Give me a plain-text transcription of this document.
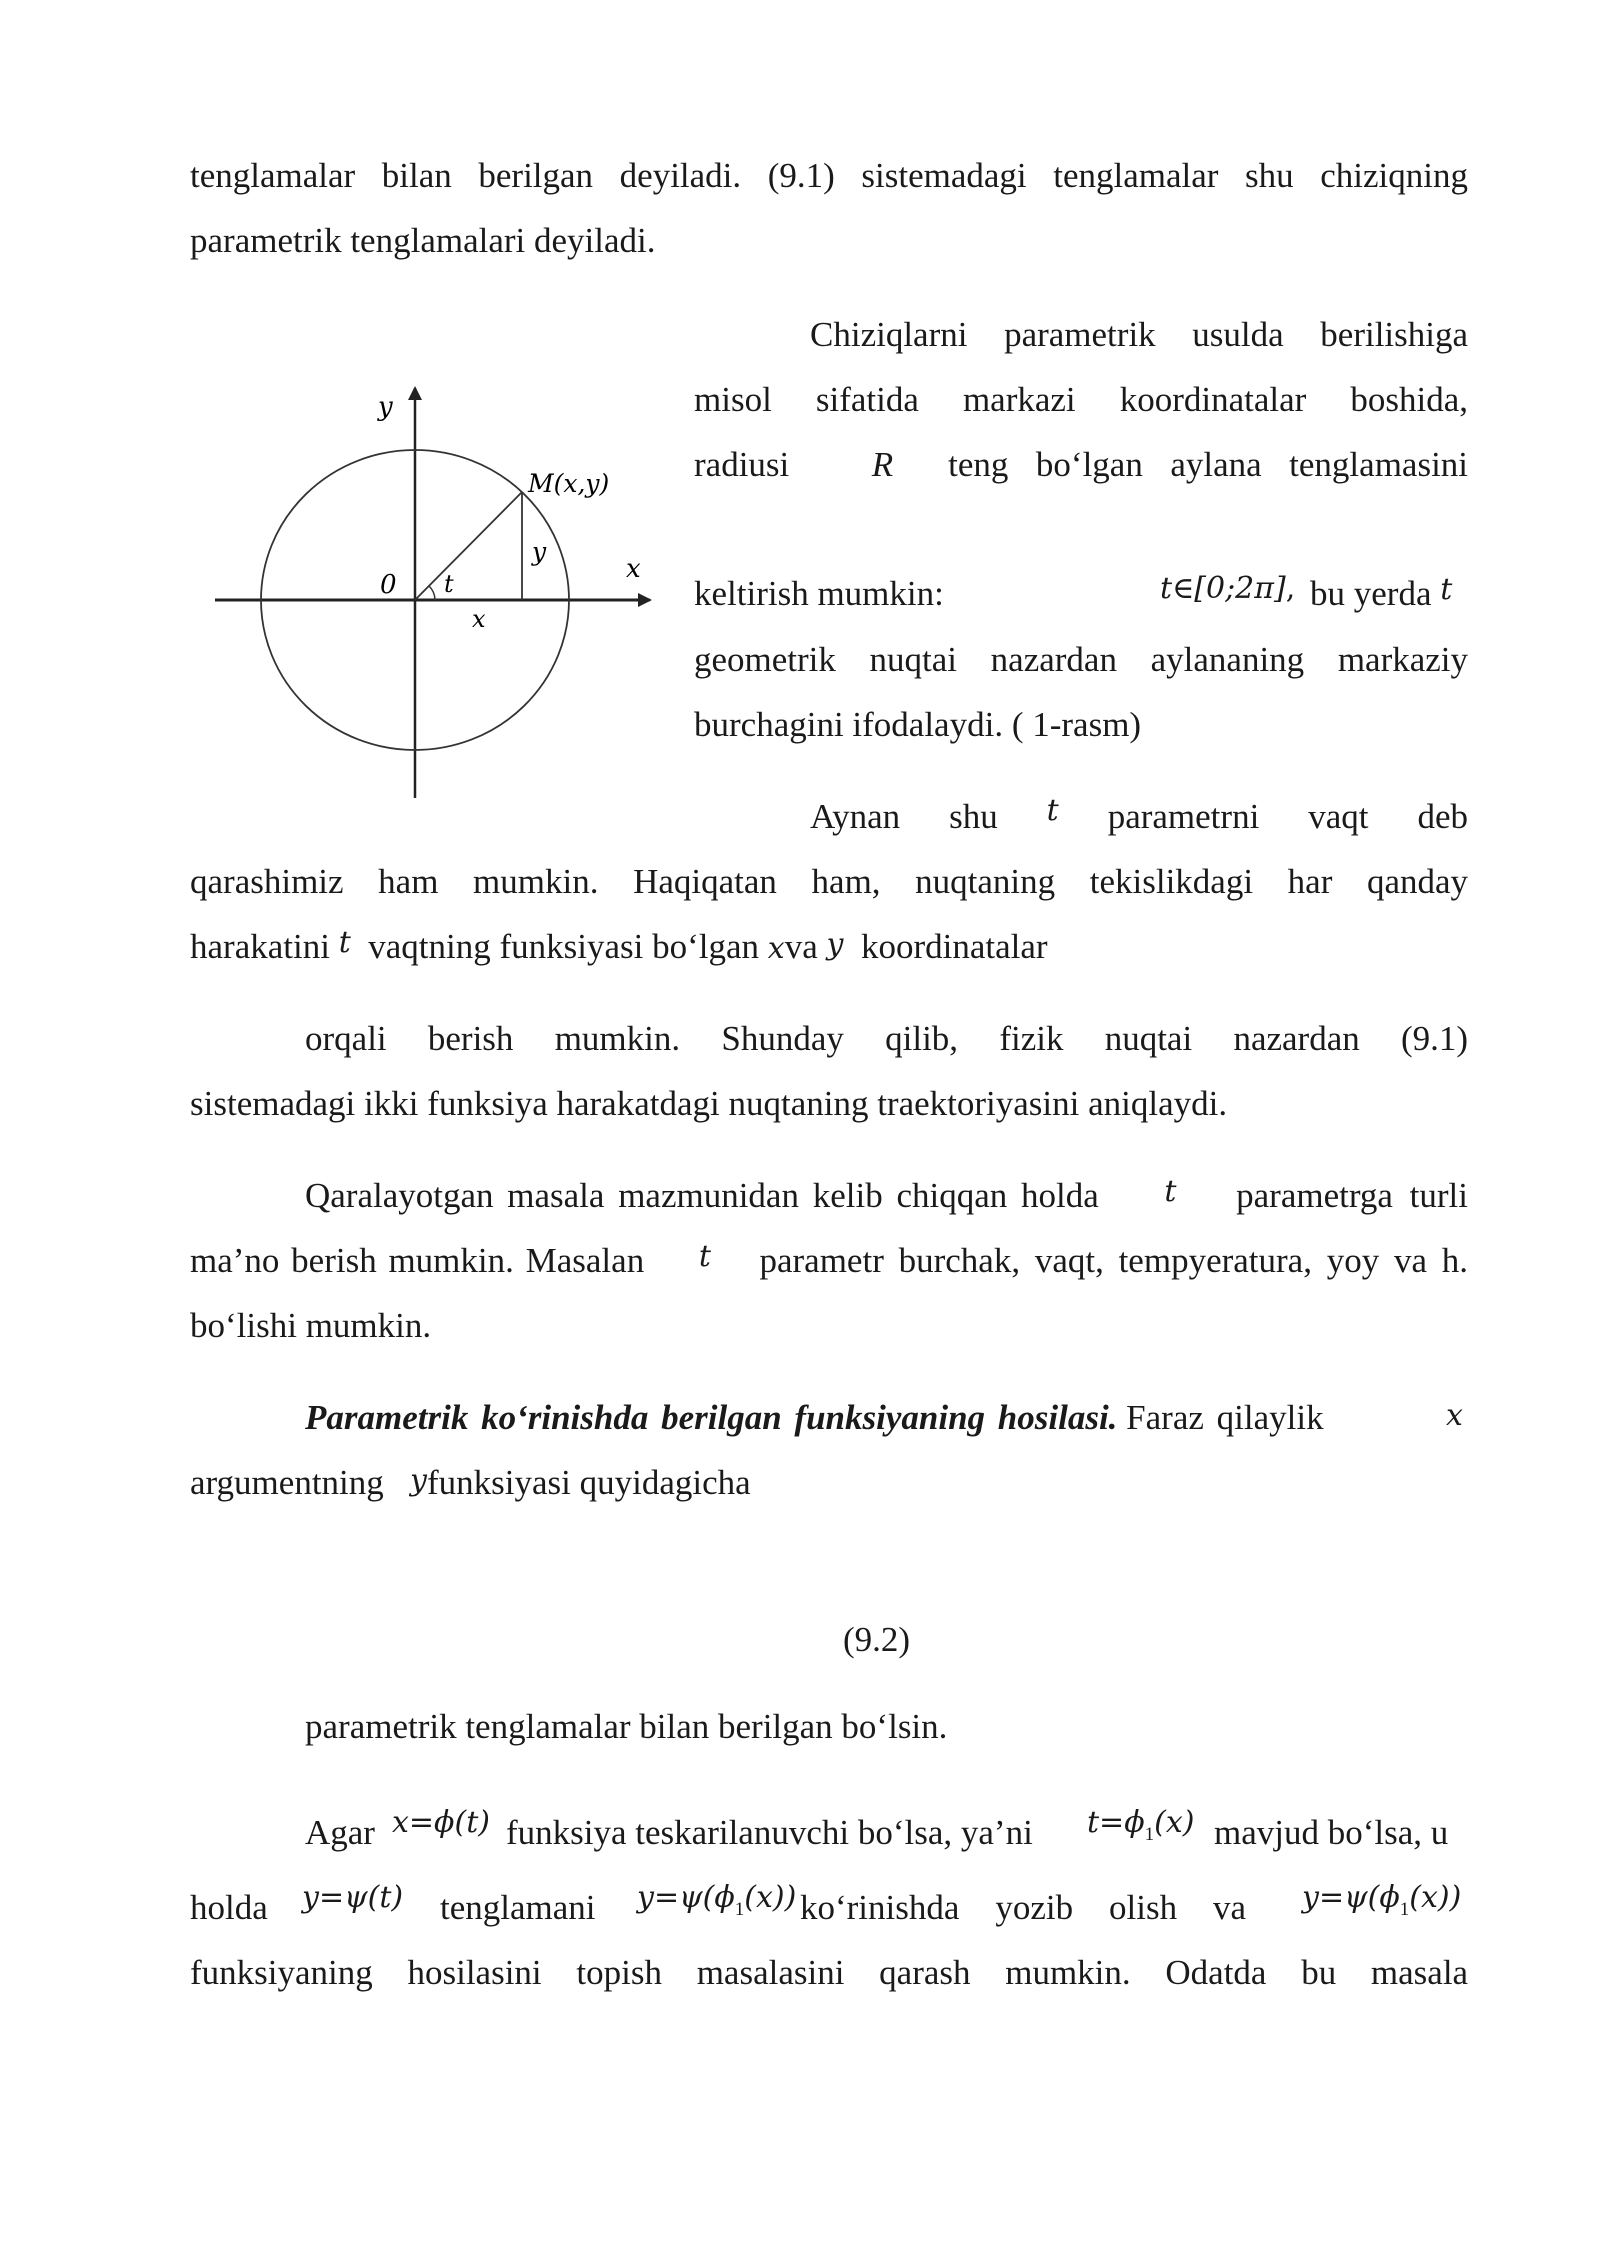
tenglamalar bilan berilgan deyiladi. (9.1) sistemadagi tenglamalar shu chiziqning
parametrik tenglamalari deyiladi.
y
x
0
M(x,y)
y
x
t
Chiziqlarni parametrik usulda berilishiga
misol sifatida markazi koordinatalar boshida,
radiusi R teng bo‘lgan aylana tenglamasini
keltirish mumkin:	t∈[0;2π], bu yerda t
geometrik nuqtai nazardan aylananing markaziy
burchagini ifodalaydi. ( 1-rasm)
Aynan shu t parametrni vaqt deb
qarashimiz ham mumkin. Haqiqatan ham, nuqtaning tekislikdagi har qanday
harakatini t vaqtning funksiyasi bo‘lgan xva y koordinatalar
orqali berish mumkin. Shunday qilib, fizik nuqtai nazardan (9.1)
sistemadagi ikki funksiya harakatdagi nuqtaning traektoriyasini aniqlaydi.
Qaralayotgan masala mazmunidan kelib chiqqan holda t parametrga turli
ma’no berish mumkin. Masalan t parametr burchak, vaqt, tempyeratura, yoy va h.
bo‘lishi mumkin.
Parametrik ko‘rinishda berilgan funksiyaning hosilasi. Faraz qilaylik	x
argumentning yfunksiyasi quyidagicha
(9.2)
parametrik tenglamalar bilan berilgan bo‘lsin.
Agar x=ϕ(t) funksiya teskarilanuvchi bo‘lsa, ya’ni $t=\phi_1(x)$ mavjud bo‘lsa, u
holda y=ψ(t) tenglamani $y=\psi(\phi_1(x))$ ko‘rinishda yozib olish va $y=\psi(\phi_1(x))$
funksiyaning hosilasini topish masalasini qarash mumkin. Odatda bu masala
